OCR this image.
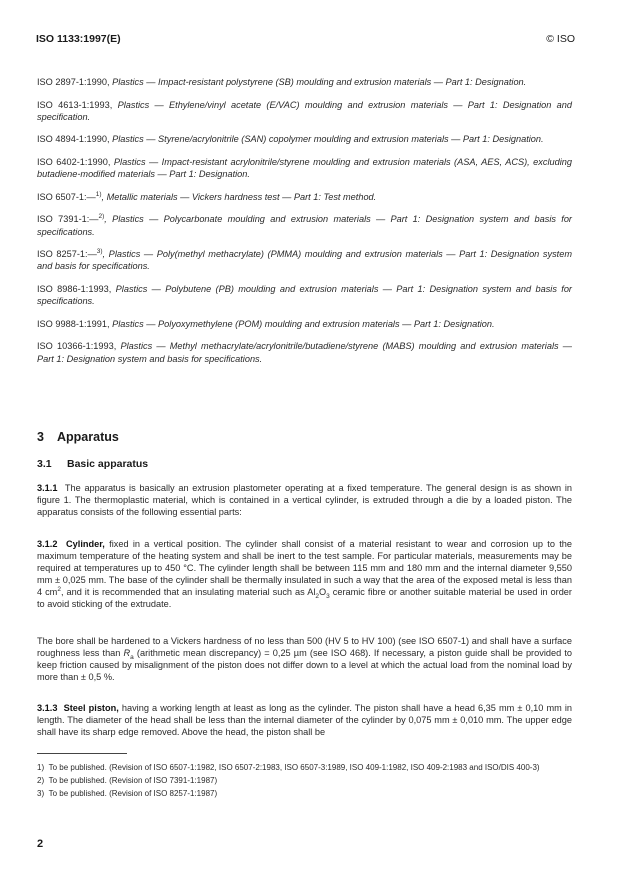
ISO 1133:1997(E)	© ISO

ISO 2897-1:1990, Plastics — Impact-resistant polystyrene (SB) moulding and extrusion materials — Part 1: Designation.

ISO 4613-1:1993, Plastics — Ethylene/vinyl acetate (E/VAC) moulding and extrusion materials — Part 1: Designation and specification.

ISO 4894-1:1990, Plastics — Styrene/acrylonitrile (SAN) copolymer moulding and extrusion materials — Part 1: Designation.

ISO 6402-1:1990, Plastics — Impact-resistant acrylonitrile/styrene moulding and extrusion materials (ASA, AES, ACS), excluding butadiene-modified materials — Part 1: Designation.

ISO 6507-1:—$^{1)}$, Metallic materials — Vickers hardness test — Part 1: Test method.

ISO 7391-1:—$^{2)}$, Plastics — Polycarbonate moulding and extrusion materials — Part 1: Designation system and basis for specifications.

ISO 8257-1:—$^{3)}$, Plastics — Poly(methyl methacrylate) (PMMA) moulding and extrusion materials — Part 1: Designation system and basis for specifications.

ISO 8986-1:1993, Plastics — Polybutene (PB) moulding and extrusion materials — Part 1: Designation system and basis for specifications.

ISO 9988-1:1991, Plastics — Polyoxymethylene (POM) moulding and extrusion materials — Part 1: Designation.

ISO 10366-1:1993, Plastics — Methyl methacrylate/acrylonitrile/butadiene/styrene (MABS) moulding and extrusion materials — Part 1: Designation system and basis for specifications.

3 Apparatus
3.1 Basic apparatus

3.1.1 The apparatus is basically an extrusion plastometer operating at a fixed temperature. The general design is as shown in figure 1. The thermoplastic material, which is contained in a vertical cylinder, is extruded through a die by a loaded piston. The apparatus consists of the following essential parts:

3.1.2 Cylinder, fixed in a vertical position. The cylinder shall consist of a material resistant to wear and corrosion up to the maximum temperature of the heating system and shall be inert to the test sample. For particular materials, measurements may be required at temperatures up to 450 °C. The cylinder length shall be between 115 mm and 180 mm and the internal diameter 9,550 mm ± 0,025 mm. The base of the cylinder shall be thermally insulated in such a way that the area of the exposed metal is less than 4 $cm^2$, and it is recommended that an insulating material such as $Al_2O_3$ ceramic fibre or another suitable material be used in order to avoid sticking of the extrudate.

The bore shall be hardened to a Vickers hardness of no less than 500 (HV 5 to HV 100) (see ISO 6507-1) and shall have a surface roughness less than $R_a$ (arithmetic mean discrepancy) = 0,25 µm (see ISO 468). If necessary, a piston guide shall be provided to keep friction caused by misalignment of the piston does not differ down to a level at which the actual load from the nominal load by more than ± 0,5 %.

3.1.3 Steel piston, having a working length at least as long as the cylinder. The piston shall have a head 6,35 mm ± 0,10 mm in length. The diameter of the head shall be less than the internal diameter of the cylinder by 0,075 mm ± 0,010 mm. The upper edge shall have its sharp edge removed. Above the head, the piston shall be

1) To be published. (Revision of ISO 6507-1:1982, ISO 6507-2:1983, ISO 6507-3:1989, ISO 409-1:1982, ISO 409-2:1983 and ISO/DIS 400-3)

2) To be published. (Revision of ISO 7391-1:1987)

3) To be published. (Revision of ISO 8257-1:1987)

2
